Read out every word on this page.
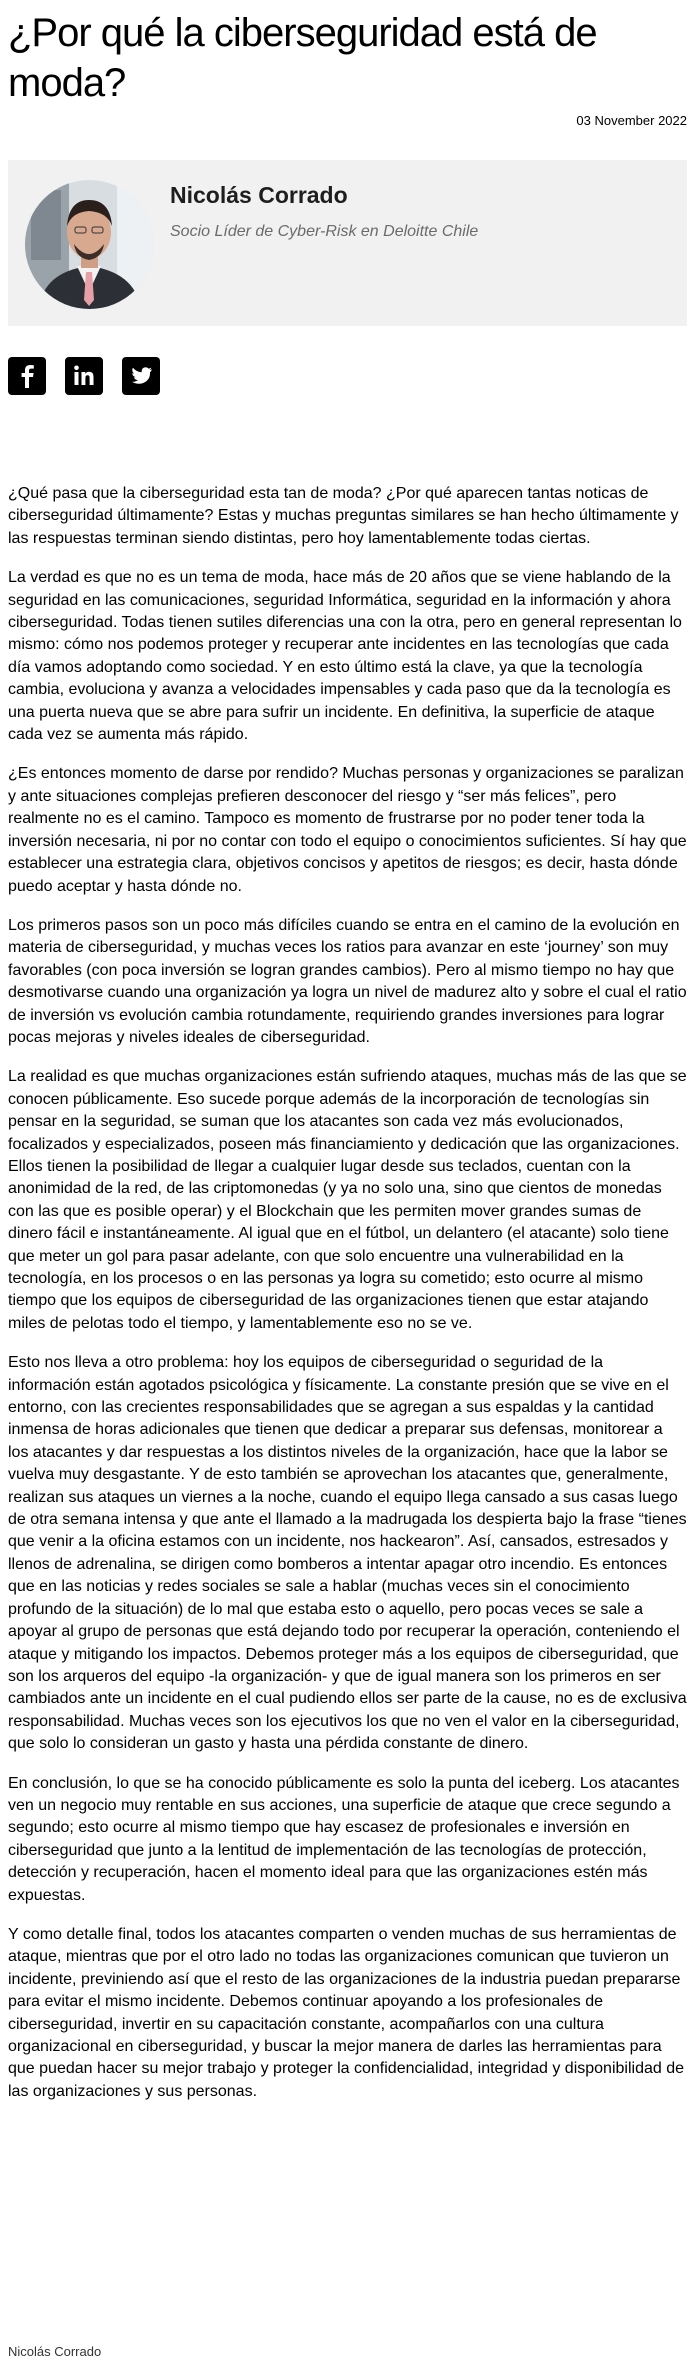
¿Por qué la ciberseguridad está de moda?
03 November 2022
Nicolás Corrado
Socio Líder de Cyber-Risk en Deloitte Chile

¿Qué pasa que la ciberseguridad esta tan de moda? ¿Por qué aparecen tantas noticas de ciberseguridad últimamente? Estas y muchas preguntas similares se han hecho últimamente y las respuestas terminan siendo distintas, pero hoy lamentablemente todas ciertas.

La verdad es que no es un tema de moda, hace más de 20 años que se viene hablando de la seguridad en las comunicaciones, seguridad Informática, seguridad en la información y ahora ciberseguridad. Todas tienen sutiles diferencias una con la otra, pero en general representan lo mismo: cómo nos podemos proteger y recuperar ante incidentes en las tecnologías que cada día vamos adoptando como sociedad. Y en esto último está la clave, ya que la tecnología cambia, evoluciona y avanza a velocidades impensables y cada paso que da la tecnología es una puerta nueva que se abre para sufrir un incidente. En definitiva, la superficie de ataque cada vez se aumenta más rápido.

¿Es entonces momento de darse por rendido? Muchas personas y organizaciones se paralizan y ante situaciones complejas prefieren desconocer del riesgo y “ser más felices”, pero realmente no es el camino. Tampoco es momento de frustrarse por no poder tener toda la inversión necesaria, ni por no contar con todo el equipo o conocimientos suficientes. Sí hay que establecer una estrategia clara, objetivos concisos y apetitos de riesgos; es decir, hasta dónde puedo aceptar y hasta dónde no.

Los primeros pasos son un poco más difíciles cuando se entra en el camino de la evolución en materia de ciberseguridad, y muchas veces los ratios para avanzar en este ‘journey’ son muy favorables (con poca inversión se logran grandes cambios). Pero al mismo tiempo no hay que desmotivarse cuando una organización ya logra un nivel de madurez alto y sobre el cual el ratio de inversión vs evolución cambia rotundamente, requiriendo grandes inversiones para lograr pocas mejoras y niveles ideales de ciberseguridad.

La realidad es que muchas organizaciones están sufriendo ataques, muchas más de las que se conocen públicamente. Eso sucede porque además de la incorporación de tecnologías sin pensar en la seguridad, se suman que los atacantes son cada vez más evolucionados, focalizados y especializados, poseen más financiamiento y dedicación que las organizaciones. Ellos tienen la posibilidad de llegar a cualquier lugar desde sus teclados, cuentan con la anonimidad de la red, de las criptomonedas (y ya no solo una, sino que cientos de monedas con las que es posible operar) y el Blockchain que les permiten mover grandes sumas de dinero fácil e instantáneamente. Al igual que en el fútbol, un delantero (el atacante) solo tiene que meter un gol para pasar adelante, con que solo encuentre una vulnerabilidad en la tecnología, en los procesos o en las personas ya logra su cometido; esto ocurre al mismo tiempo que los equipos de ciberseguridad de las organizaciones tienen que estar atajando miles de pelotas todo el tiempo, y lamentablemente eso no se ve.

Esto nos lleva a otro problema: hoy los equipos de ciberseguridad o seguridad de la información están agotados psicológica y físicamente. La constante presión que se vive en el entorno, con las crecientes responsabilidades que se agregan a sus espaldas y la cantidad inmensa de horas adicionales que tienen que dedicar a preparar sus defensas, monitorear a los atacantes y dar respuestas a los distintos niveles de la organización, hace que la labor se vuelva muy desgastante. Y de esto también se aprovechan los atacantes que, generalmente, realizan sus ataques un viernes a la noche, cuando el equipo llega cansado a sus casas luego de otra semana intensa y que ante el llamado a la madrugada los despierta bajo la frase “tienes que venir a la oficina estamos con un incidente, nos hackearon”. Así, cansados, estresados y llenos de adrenalina, se dirigen como bomberos a intentar apagar otro incendio. Es entonces que en las noticias y redes sociales se sale a hablar (muchas veces sin el conocimiento profundo de la situación) de lo mal que estaba esto o aquello, pero pocas veces se sale a apoyar al grupo de personas que está dejando todo por recuperar la operación, conteniendo el ataque y mitigando los impactos. Debemos proteger más a los equipos de ciberseguridad, que son los arqueros del equipo -la organización- y que de igual manera son los primeros en ser cambiados ante un incidente en el cual pudiendo ellos ser parte de la cause, no es de exclusiva responsabilidad. Muchas veces son los ejecutivos los que no ven el valor en la ciberseguridad, que solo lo consideran un gasto y hasta una pérdida constante de dinero.

En conclusión, lo que se ha conocido públicamente es solo la punta del iceberg. Los atacantes ven un negocio muy rentable en sus acciones, una superficie de ataque que crece segundo a segundo; esto ocurre al mismo tiempo que hay escasez de profesionales e inversión en ciberseguridad que junto a la lentitud de implementación de las tecnologías de protección, detección y recuperación, hacen el momento ideal para que las organizaciones estén más expuestas.

Y como detalle final, todos los atacantes comparten o venden muchas de sus herramientas de ataque, mientras que por el otro lado no todas las organizaciones comunican que tuvieron un incidente, previniendo así que el resto de las organizaciones de la industria puedan prepararse para evitar el mismo incidente. Debemos continuar apoyando a los profesionales de ciberseguridad, invertir en su capacitación constante, acompañarlos con una cultura organizacional en ciberseguridad, y buscar la mejor manera de darles las herramientas para que puedan hacer su mejor trabajo y proteger la confidencialidad, integridad y disponibilidad de las organizaciones y sus personas.

Nicolás Corrado
